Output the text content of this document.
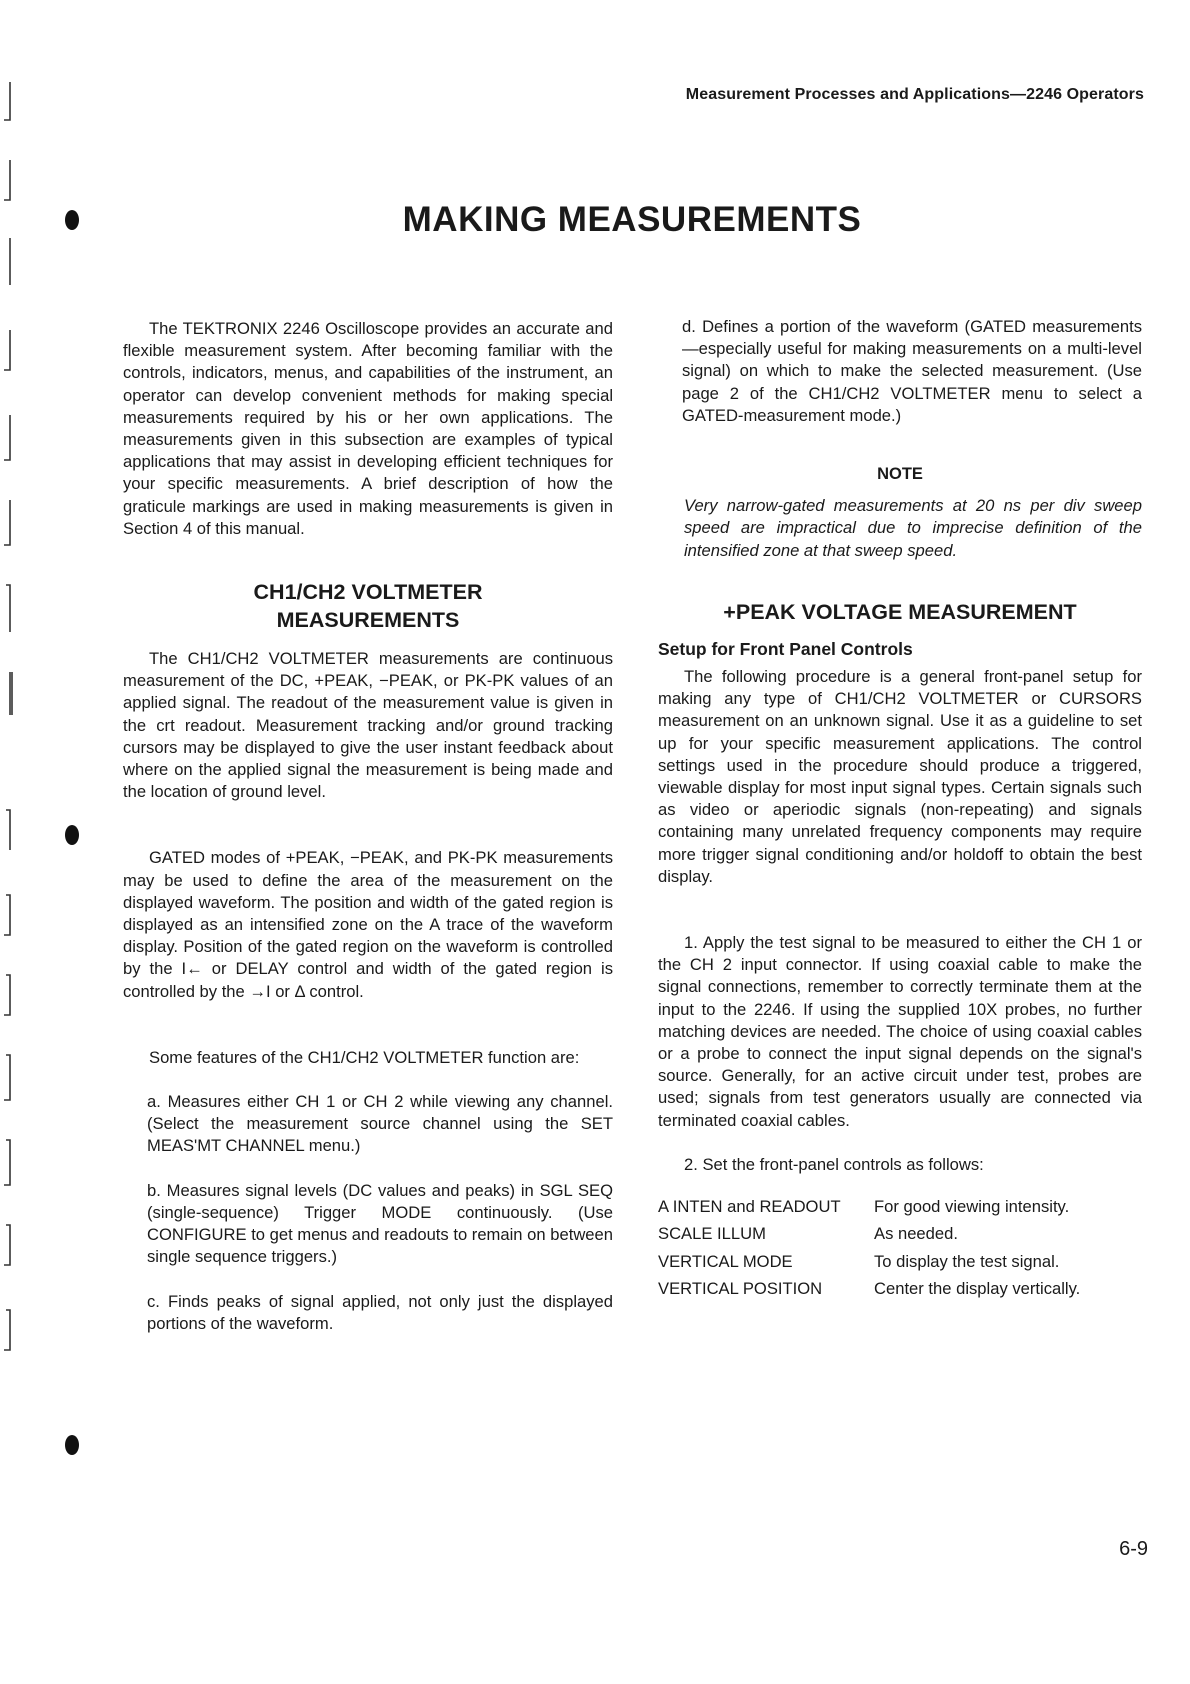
Measurement Processes and Applications—2246 Operators
MAKING MEASUREMENTS

The TEKTRONIX 2246 Oscilloscope provides an accurate and flexible measurement system. After becoming familiar with the controls, indicators, menus, and capabilities of the instrument, an operator can develop convenient methods for making special measurements required by his or her own applications. The measurements given in this subsection are examples of typical applications that may assist in developing efficient techniques for your specific measurements. A brief description of how the graticule markings are used in making measurements is given in Section 4 of this manual.

CH1/CH2 VOLTMETER
MEASUREMENTS

The CH1/CH2 VOLTMETER measurements are continuous measurement of the DC, +PEAK, −PEAK, or PK-PK values of an applied signal. The readout of the measurement value is given in the crt readout. Measurement tracking and/or ground tracking cursors may be displayed to give the user instant feedback about where on the applied signal the measurement is being made and the location of ground level.

GATED modes of +PEAK, −PEAK, and PK-PK measurements may be used to define the area of the measurement on the displayed waveform. The position and width of the gated region is displayed as an intensified zone on the A trace of the waveform display. Position of the gated region on the waveform is controlled by the I← or DELAY control and width of the gated region is controlled by the →I or Δ control.

Some features of the CH1/CH2 VOLTMETER function are:

a. Measures either CH 1 or CH 2 while viewing any channel. (Select the measurement source channel using the SET MEAS'MT CHANNEL menu.)

b. Measures signal levels (DC values and peaks) in SGL SEQ (single-sequence) Trigger MODE continuously. (Use CONFIGURE to get menus and readouts to remain on between single sequence triggers.)

c. Finds peaks of signal applied, not only just the displayed portions of the waveform.

d. Defines a portion of the waveform (GATED measurements—especially useful for making measurements on a multi-level signal) on which to make the selected measurement. (Use page 2 of the CH1/CH2 VOLTMETER menu to select a GATED-measurement mode.)

NOTE

Very narrow-gated measurements at 20 ns per div sweep speed are impractical due to imprecise definition of the intensified zone at that sweep speed.

+PEAK VOLTAGE MEASUREMENT
Setup for Front Panel Controls

The following procedure is a general front-panel setup for making any type of CH1/CH2 VOLTMETER or CURSORS measurement on an unknown signal. Use it as a guideline to set up for your specific measurement applications. The control settings used in the procedure should produce a triggered, viewable display for most input signal types. Certain signals such as video or aperiodic signals (non-repeating) and signals containing many unrelated frequency components may require more trigger signal conditioning and/or holdoff to obtain the best display.

1. Apply the test signal to be measured to either the CH 1 or the CH 2 input connector. If using coaxial cable to make the signal connections, remember to correctly terminate them at the input to the 2246. If using the supplied 10X probes, no further matching devices are needed. The choice of using coaxial cables or a probe to connect the input signal depends on the signal's source. Generally, for an active circuit under test, probes are used; signals from test generators usually are connected via terminated coaxial cables.

2. Set the front-panel controls as follows:

A INTEN and READOUT	For good viewing intensity.
SCALE ILLUM	As needed.
VERTICAL MODE	To display the test signal.
VERTICAL POSITION	Center the display vertically.
6-9
